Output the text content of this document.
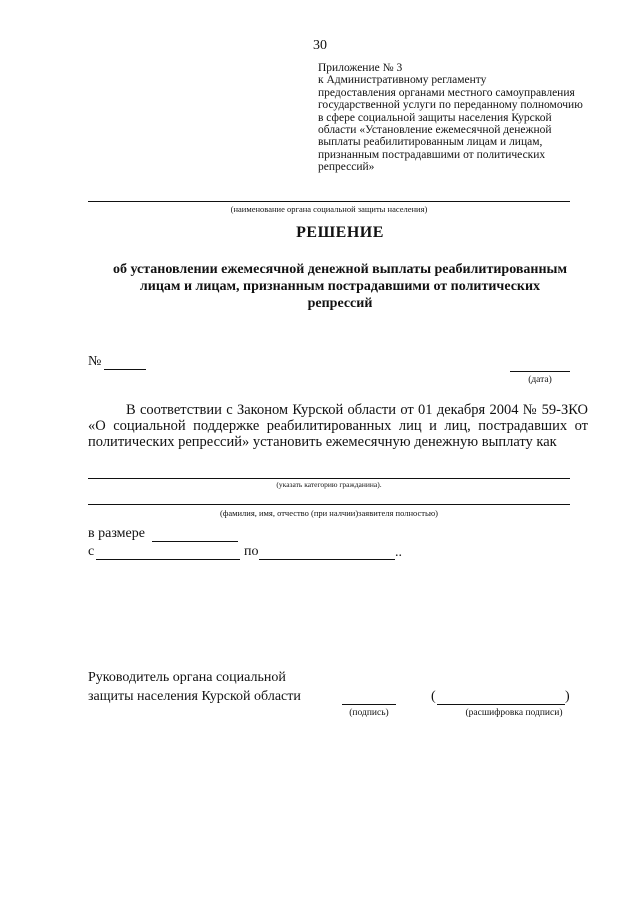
30
Приложение № 3
к Административному регламенту
предоставления органами местного самоуправления
государственной услуги по переданному полномочию
в сфере социальной защиты населения Курской
области «Установление ежемесячной денежной
выплаты реабилитированным лицам и лицам,
признанным пострадавшими от политических
репрессий»
(наименование органа социальной защиты населения)
РЕШЕНИЕ
об установлении ежемесячной денежной выплаты реабилитированным
лицам и лицам, признанным пострадавшими от политических
репрессий
№
(дата)

В соответствии с Законом Курской области от 01 декабря 2004 № 59-ЗКО «О социальной поддержке реабилитированных лиц и лиц, пострадавших от политических репрессий» установить ежемесячную денежную выплату как

(указать категорию гражданина).
(фамилия, имя, отчество (при налчии)заявителя полностью)
в размере
с	по	..
Руководитель органа социальной
защиты населения Курской области
(подпись)
(	)
(расшифровка подписи)
